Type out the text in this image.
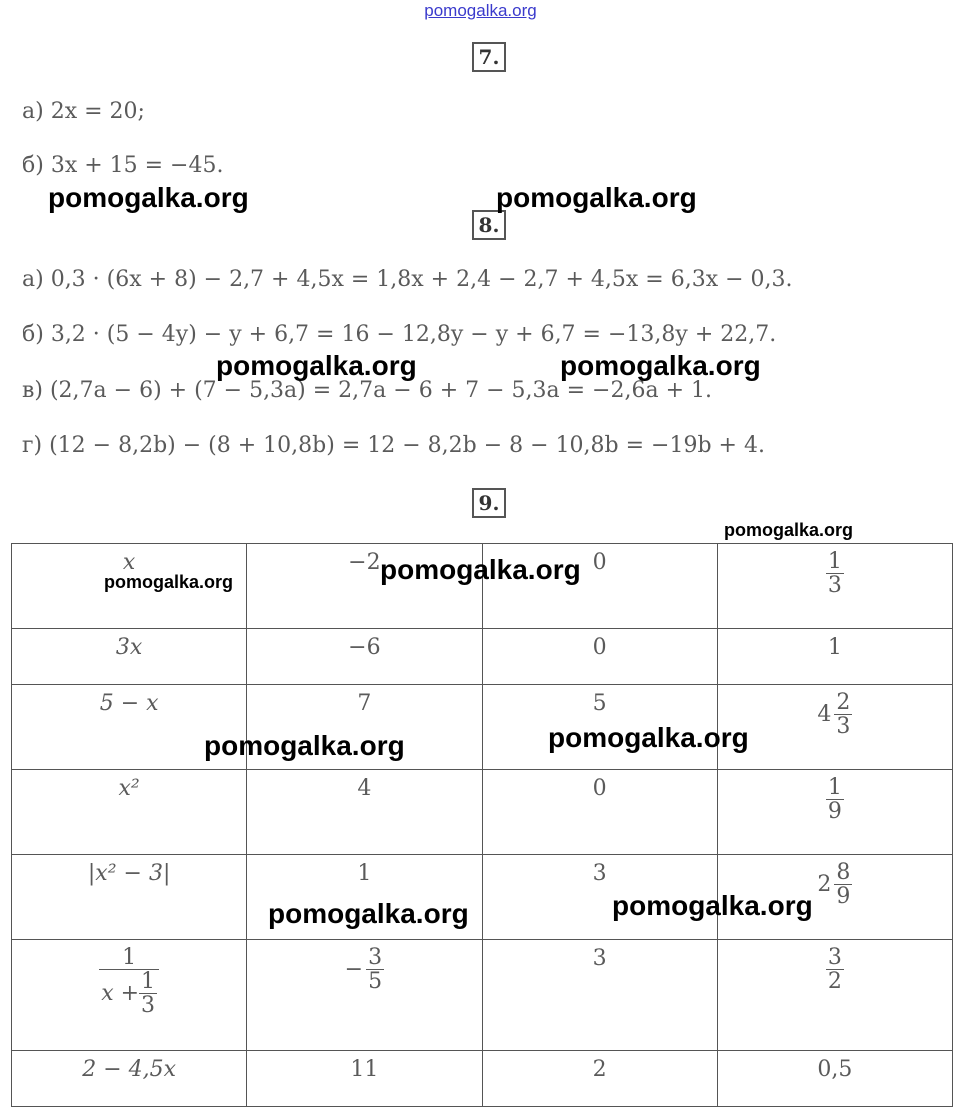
pomogalka.org
7.
а) 2x = 20;
б) 3x + 15 = −45.
8.
а) 0,3 · (6x + 8) − 2,7 + 4,5x = 1,8x + 2,4 − 2,7 + 4,5x = 6,3x − 0,3.
б) 3,2 · (5 − 4y) − y + 6,7 = 16 − 12,8y − y + 6,7 = −13,8y + 22,7.
в) (2,7a − 6) + (7 − 5,3a) = 2,7a − 6 + 7 − 5,3a = −2,6a + 1.
г) (12 − 8,2b) − (8 + 10,8b) = 12 − 8,2b − 8 − 10,8b = −19b + 4.
9.
x	−2	0	$\frac{1}{3}$

3x	−6	0	1
5 − x	7	5	$4 \frac{2}{3}$

x²	4	0	$\frac{1}{9}$

|x² − 3|	1	3	$2 \frac{8}{9}$

$\frac{1}{x + \frac{1}{3}}$	− $\frac{3}{5}$	3	$\frac{3}{2}$

2 − 4,5x	11	2	0,5
pomogalka.org	pomogalka.org
pomogalka.org	pomogalka.org
pomogalka.org
pomogalka.org	pomogalka.org
pomogalka.org	pomogalka.org
pomogalka.org	pomogalka.org
